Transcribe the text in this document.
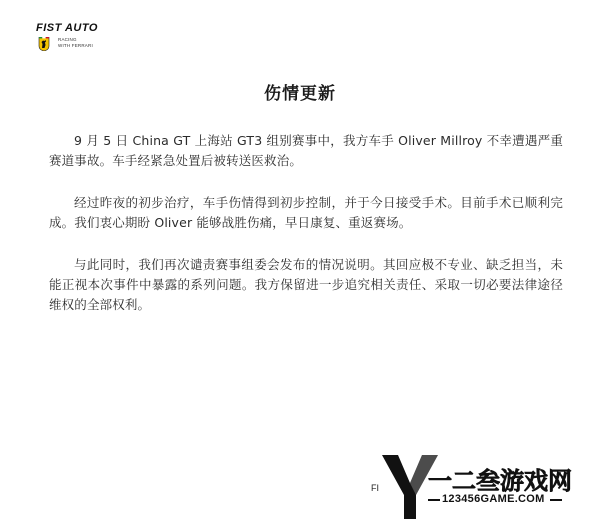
FIST AUTO
RACING
WITH FERRARI
伤情更新

9 月 5 日 China GT 上海站 GT3 组别赛事中，我方车手 Oliver Millroy 不幸遭遇严重赛道事故。车手经紧急处置后被转送医救治。

经过昨夜的初步治疗，车手伤情得到初步控制，并于今日接受手术。目前手术已顺利完成。我们衷心期盼 Oliver 能够战胜伤痛，早日康复、重返赛场。

与此同时，我们再次谴责赛事组委会发布的情况说明。其回应极不专业、缺乏担当，未能正视本次事件中暴露的系列问题。我方保留进一步追究相关责任、采取一切必要法律途径维权的全部权利。

FI 一二叁游戏网
123456GAME.COM
